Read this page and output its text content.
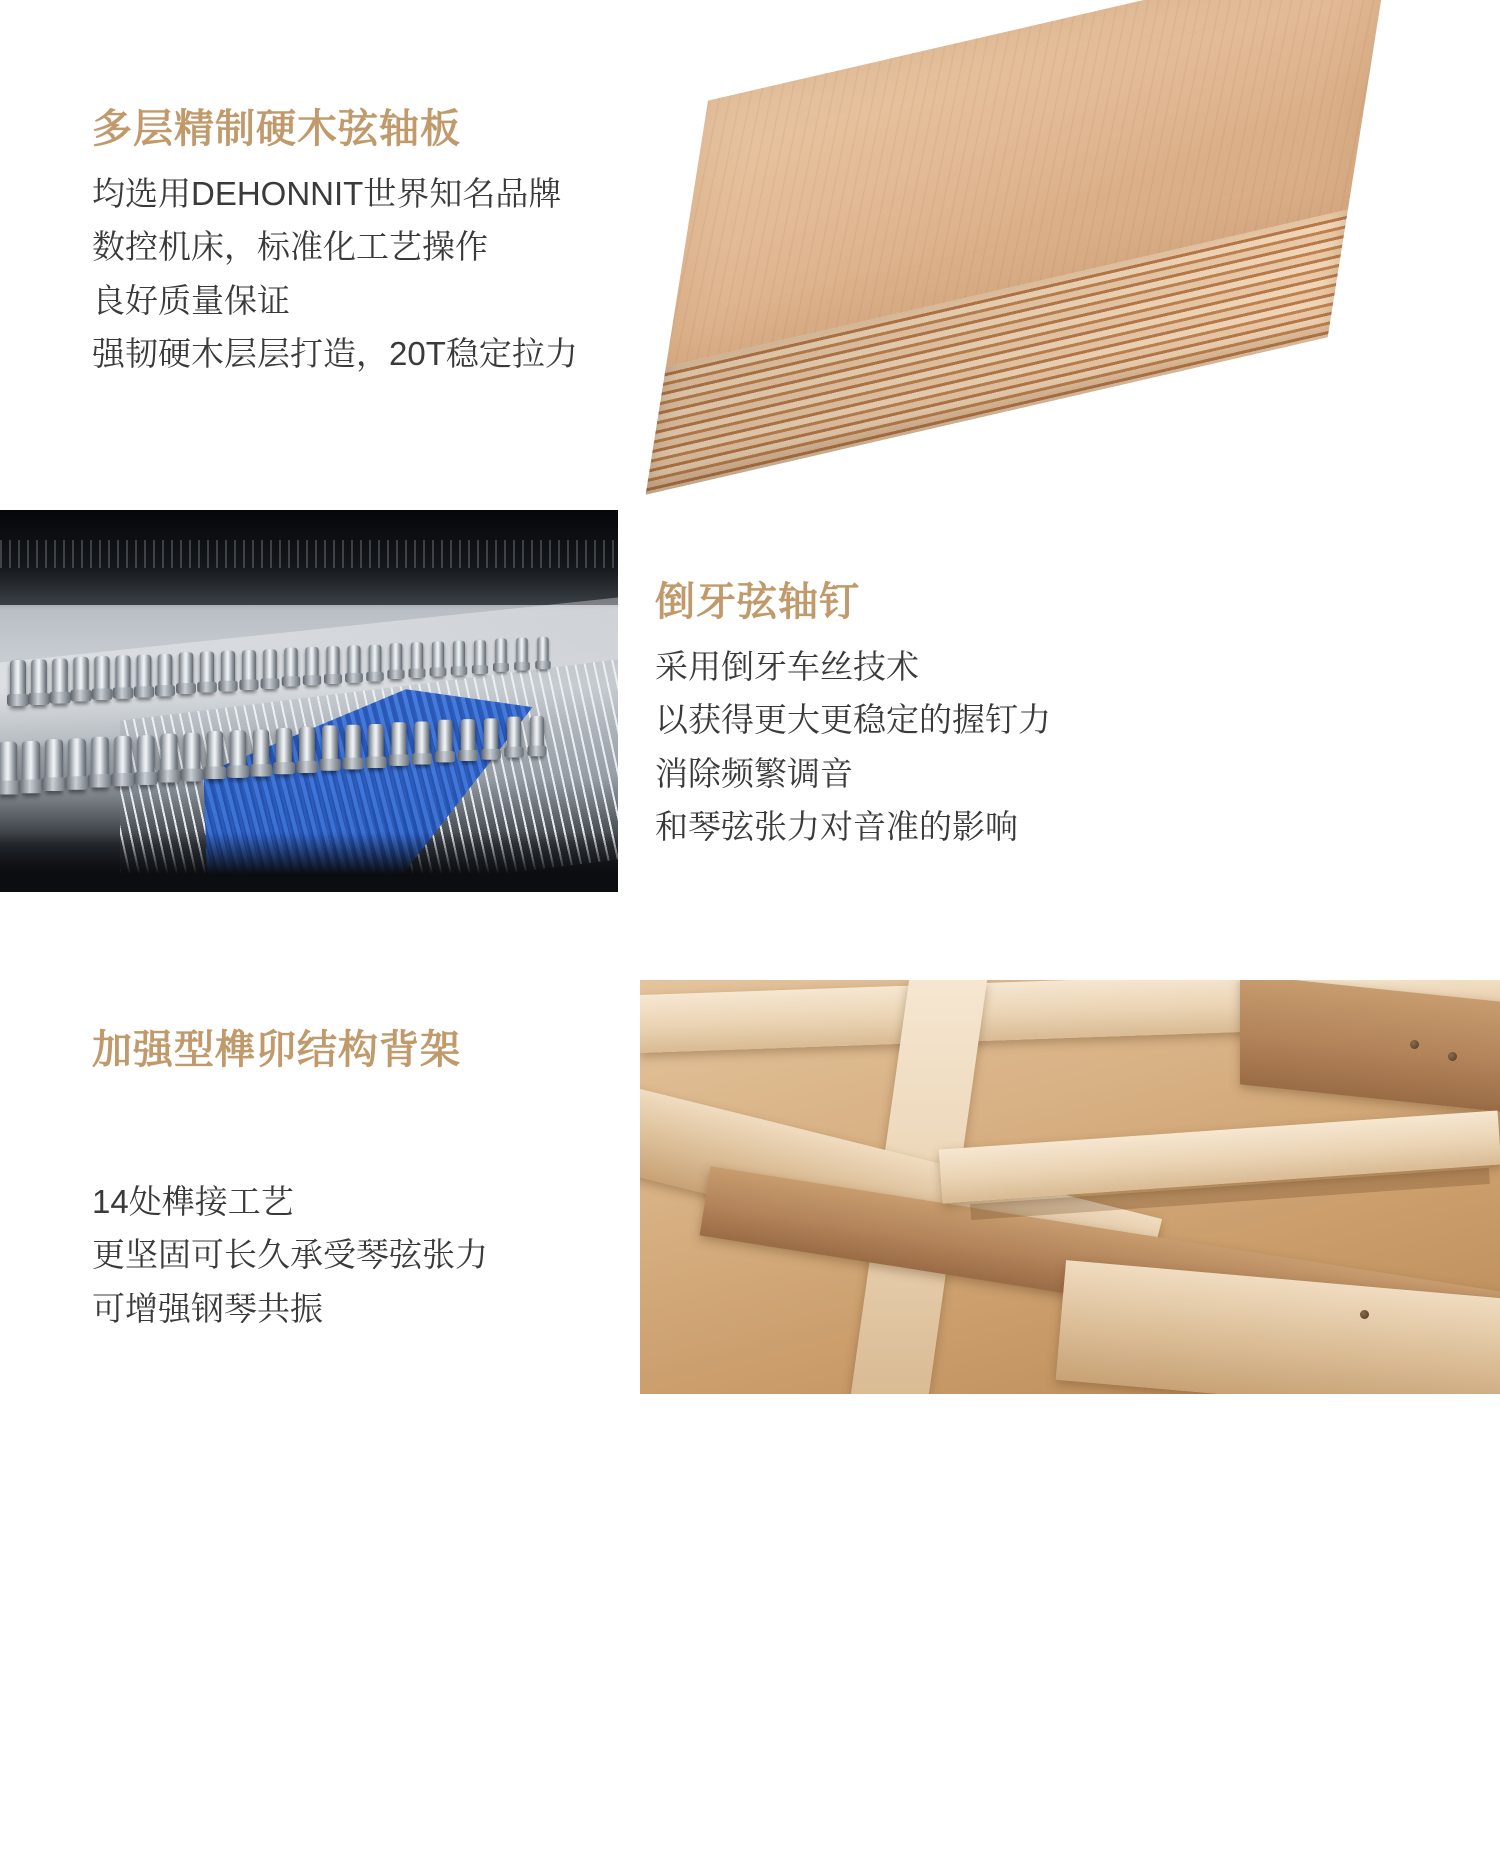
多层精制硬木弦轴板
均选用DEHONNIT世界知名品牌
数控机床，标准化工艺操作
良好质量保证
强韧硬木层层打造，20T稳定拉力
倒牙弦轴钉
采用倒牙车丝技术
以获得更大更稳定的握钉力
消除频繁调音
和琴弦张力对音准的影响
加强型榫卯结构背架
14处榫接工艺
更坚固可长久承受琴弦张力
可增强钢琴共振
